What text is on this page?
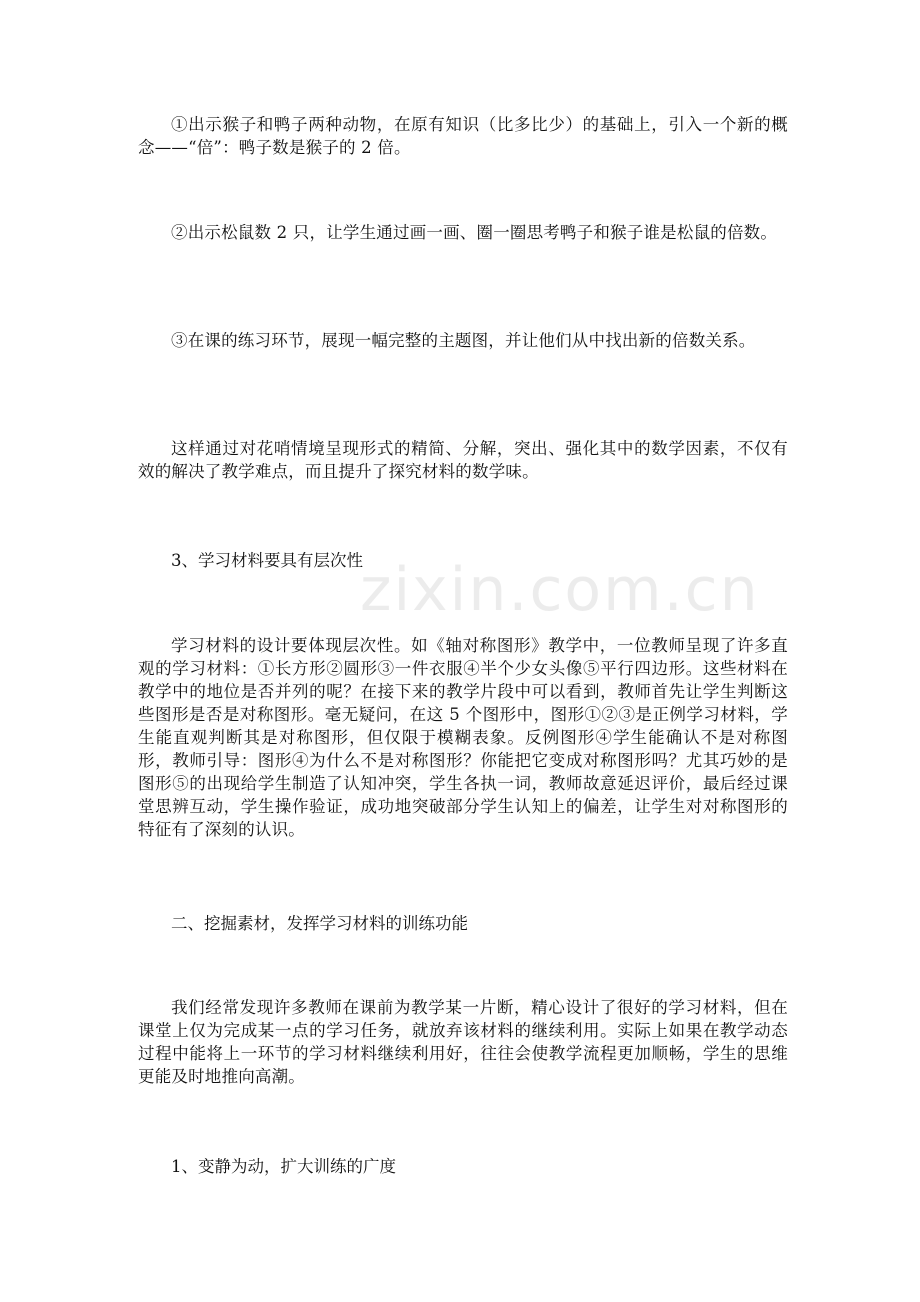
①出示猴子和鸭子两种动物，在原有知识（比多比少）的基础上，引入一个新的概念——“倍”：鸭子数是猴子的 2 倍。

②出示松鼠数 2 只，让学生通过画一画、圈一圈思考鸭子和猴子谁是松鼠的倍数。

③在课的练习环节，展现一幅完整的主题图，并让他们从中找出新的倍数关系。

这样通过对花哨情境呈现形式的精简、分解，突出、强化其中的数学因素，不仅有效的解决了教学难点，而且提升了探究材料的数学味。

3、学习材料要具有层次性

学习材料的设计要体现层次性。如《轴对称图形》教学中，一位教师呈现了许多直观的学习材料：①长方形②圆形③一件衣服④半个少女头像⑤平行四边形。这些材料在教学中的地位是否并列的呢？在接下来的教学片段中可以看到，教师首先让学生判断这些图形是否是对称图形。毫无疑问，在这 5 个图形中，图形①②③是正例学习材料，学生能直观判断其是对称图形，但仅限于模糊表象。反例图形④学生能确认不是对称图形，教师引导：图形④为什么不是对称图形？你能把它变成对称图形吗？尤其巧妙的是图形⑤的出现给学生制造了认知冲突，学生各执一词，教师故意延迟评价，最后经过课堂思辨互动，学生操作验证，成功地突破部分学生认知上的偏差，让学生对对称图形的特征有了深刻的认识。

二、挖掘素材，发挥学习材料的训练功能

我们经常发现许多教师在课前为教学某一片断，精心设计了很好的学习材料，但在课堂上仅为完成某一点的学习任务，就放弃该材料的继续利用。实际上如果在教学动态过程中能将上一环节的学习材料继续利用好，往往会使教学流程更加顺畅，学生的思维更能及时地推向高潮。

1、变静为动，扩大训练的广度

zixin.com.cn
